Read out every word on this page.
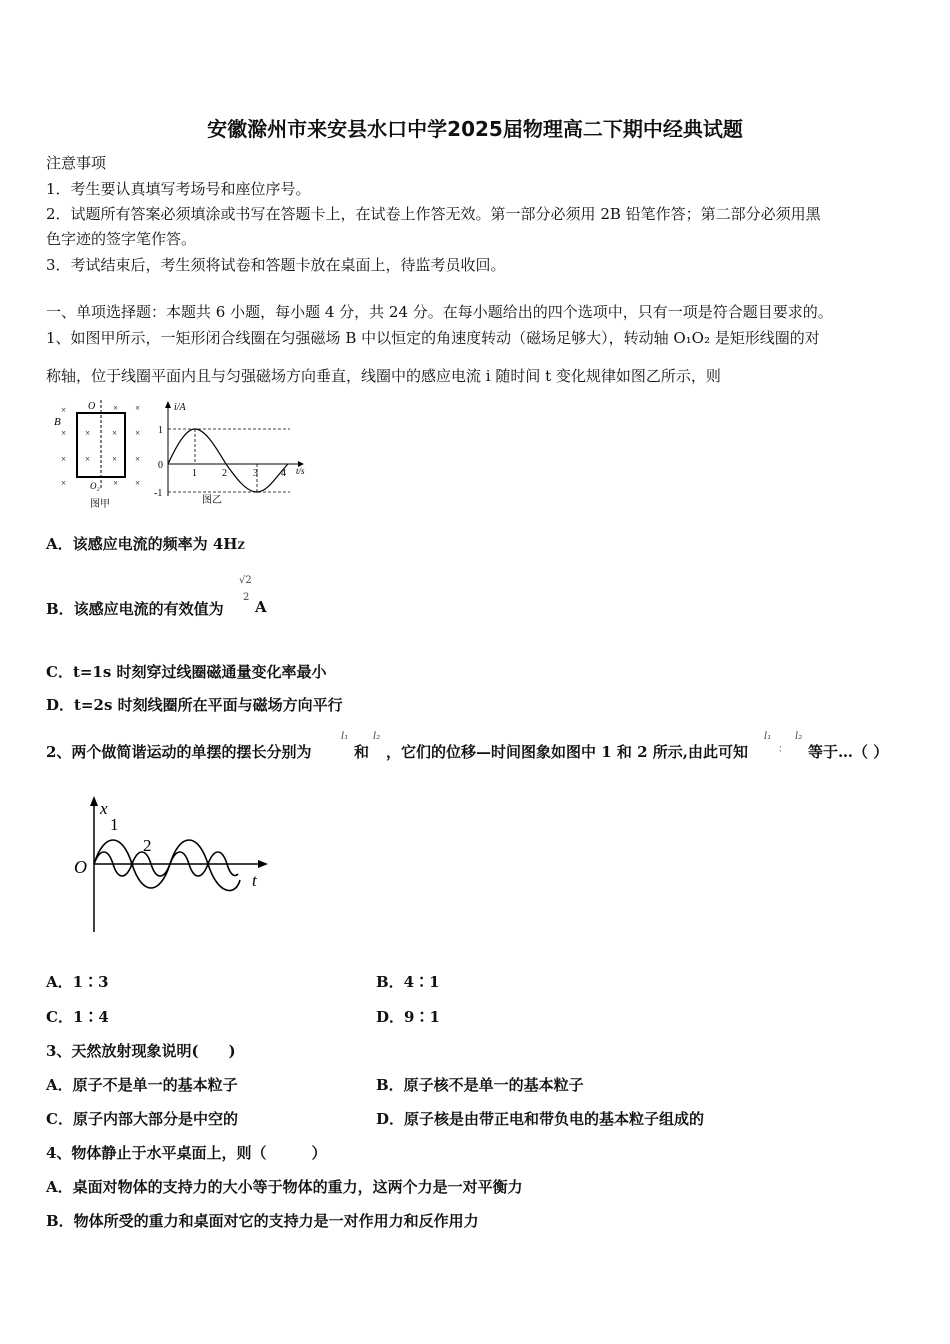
安徽滁州市来安县水口中学2025届物理高二下期中经典试题
注意事项
1．考生要认真填写考场号和座位序号。
2．试题所有答案必须填涂或书写在答题卡上，在试卷上作答无效。第一部分必须用 2B 铅笔作答；第二部分必须用黑
色字迹的签字笔作答。
3．考试结束后，考生须将试卷和答题卡放在桌面上，待监考员收回。
一、单项选择题：本题共 6 小题，每小题 4 分，共 24 分。在每小题给出的四个选项中，只有一项是符合题目要求的。
1、如图甲所示，一矩形闭合线圈在匀强磁场 B 中以恒定的角速度转动（磁场足够大），转动轴 O₁O₂ 是矩形线圈的对
称轴，位于线圈平面内且与匀强磁场方向垂直，线圈中的感应电流 i 随时间 t 变化规律如图乙所示，则
×	× ×
×
× × ×
× × × ×
×	× ×
B
O
O₂
图甲
i/A
t/s
1
-1
0
1	2	3 4
图乙
A．该感应电流的频率为 4HZ
B．该感应电流的有效值为
√2
2
A
C．t=1s 时刻穿过线圈磁通量变化率最小
D．t=2s 时刻线圈所在平面与磁场方向平行
2、两个做简谐运动的单摆的摆长分别为
l₁
和
l₂
，它们的位移—时间图象如图中 1 和 2 所示,由此可知
l₁
：
l₂
等于…（ ）
x
t
O
1
2
A．1∶3	B．4∶1
C．1∶4	D．9∶1
3、天然放射现象说明(　　)
A．原子不是单一的基本粒子	B．原子核不是单一的基本粒子
C．原子内部大部分是中空的	D．原子核是由带正电和带负电的基本粒子组成的
4、物体静止于水平桌面上，则（　　　）
A．桌面对物体的支持力的大小等于物体的重力，这两个力是一对平衡力
B．物体所受的重力和桌面对它的支持力是一对作用力和反作用力
